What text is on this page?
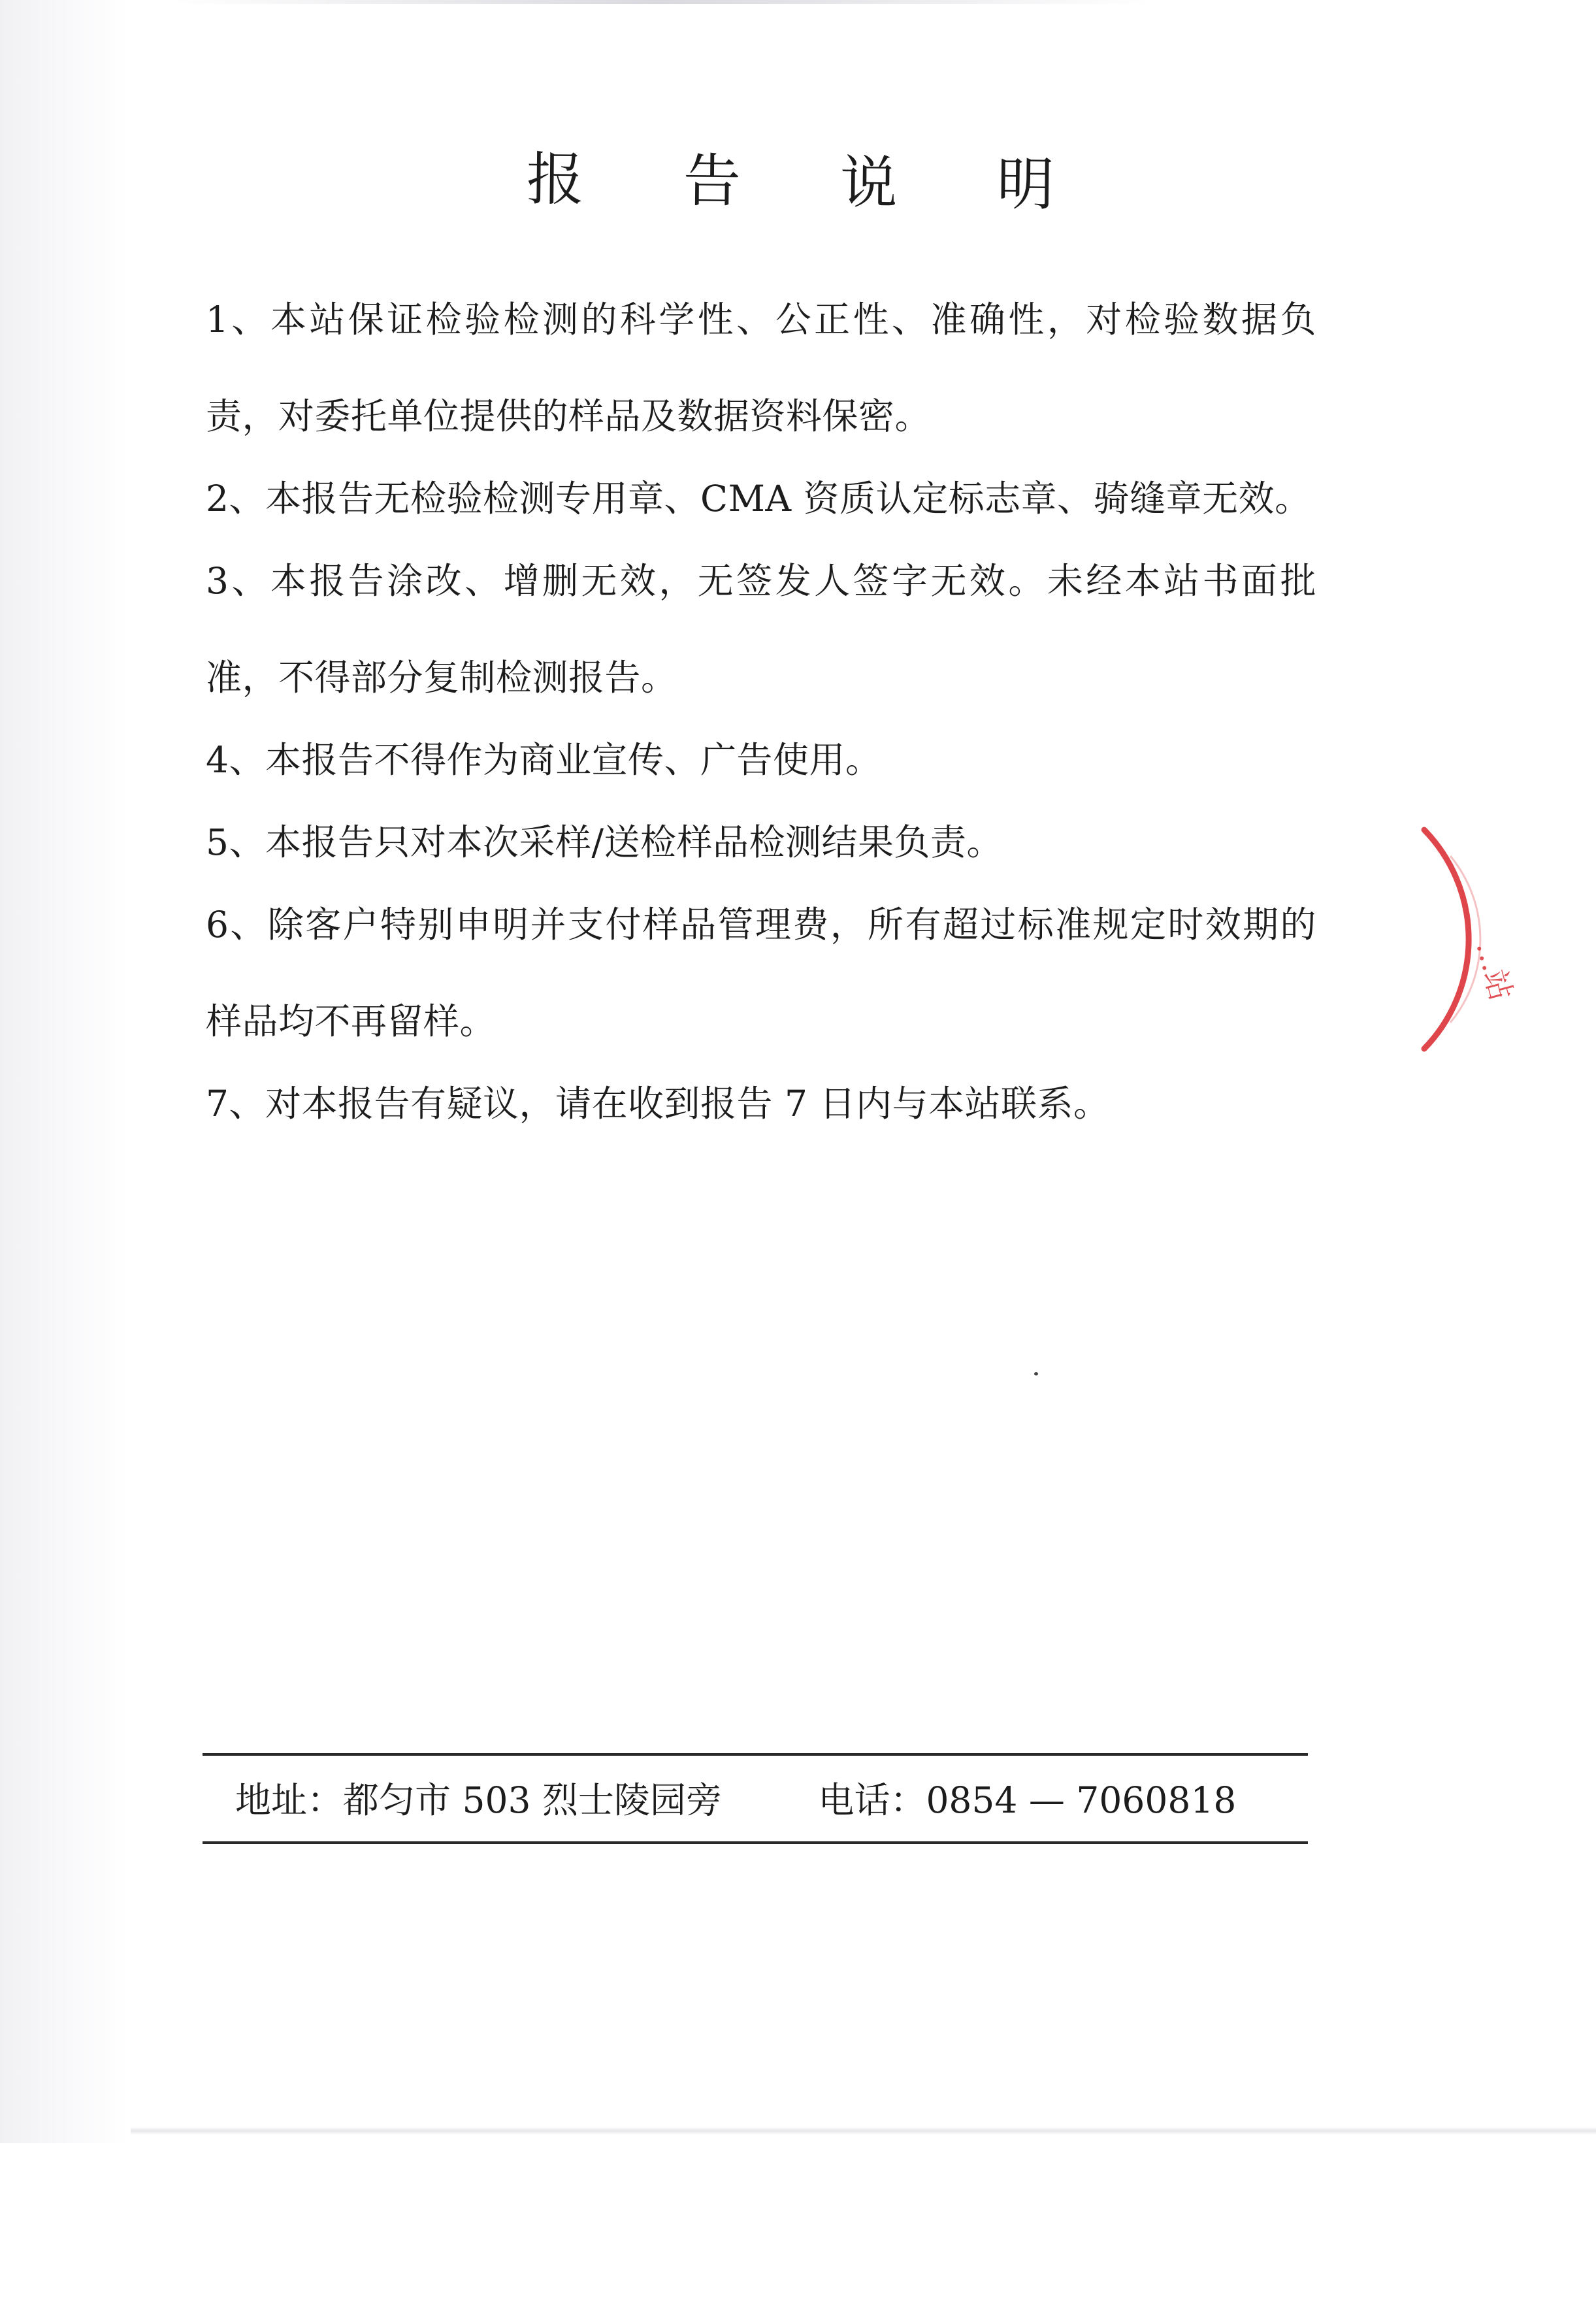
报 告 说 明

1、本站保证检验检测的科学性、公正性、准确性，对检验数据负责，对委托单位提供的样品及数据资料保密。

2、本报告无检验检测专用章、CMA 资质认定标志章、骑缝章无效。

3、本报告涂改、增删无效，无签发人签字无效。未经本站书面批准，不得部分复制检测报告。

4、本报告不得作为商业宣传、广告使用。

5、本报告只对本次采样/送检样品检测结果负责。

6、除客户特别申明并支付样品管理费，所有超过标准规定时效期的样品均不再留样。

7、对本报告有疑议，请在收到报告 7 日内与本站联系。

…站
地址：都匀市 503 烈士陵园旁	电话：0854 — 7060818
